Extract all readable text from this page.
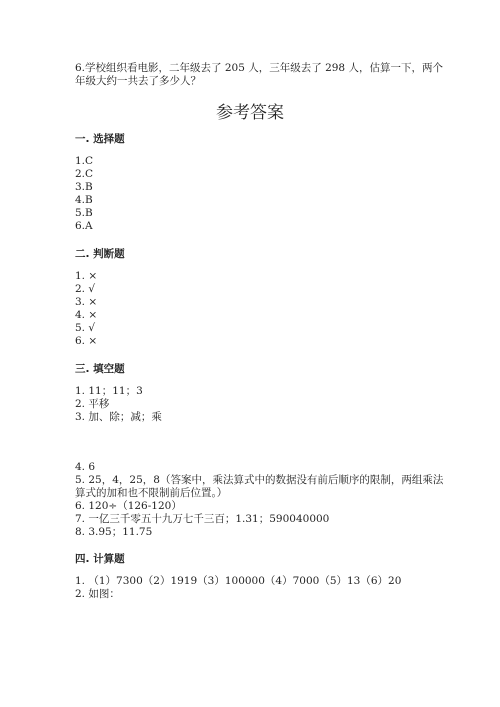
6.学校组织看电影，二年级去了 205 人，三年级去了 298 人，估算一下，两个
年级大约一共去了多少人？
参考答案
一. 选择题
1.C
2.C
3.B
4.B
5.B
6.A
二. 判断题
1. ×
2. √
3. ×
4. ×
5. √
6. ×
三. 填空题
1. 11；11；3
2. 平移
3. 加、除；减；乘
4. 6
5. 25，4，25，8（答案中，乘法算式中的数据没有前后顺序的限制，两组乘法
算式的加和也不限制前后位置。）
6. 120÷（126-120）
7. 一亿三千零五十九万七千三百；1.31；590040000
8. 3.95；11.75
四. 计算题
1. （1）7300（2）1919（3）100000（4）7000（5）13（6）20
2. 如图：
